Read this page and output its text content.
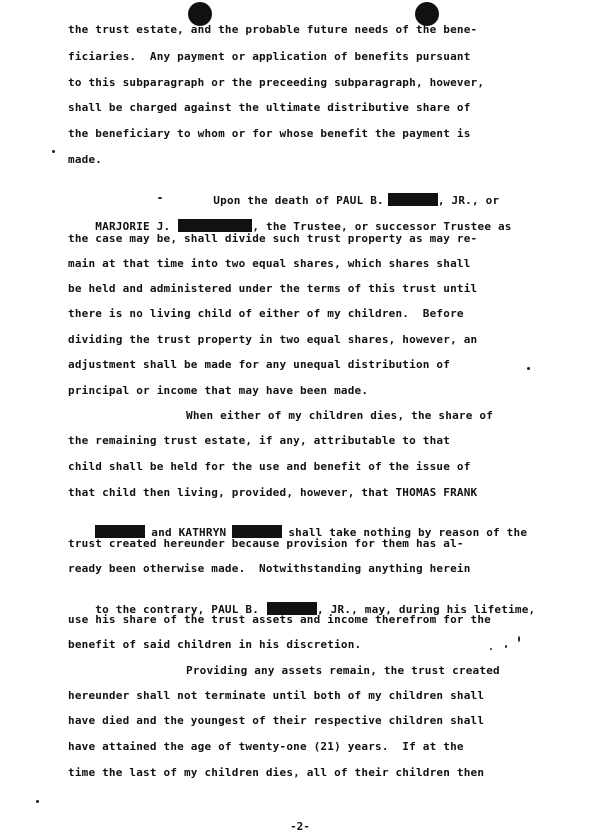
the trust estate, and the probable future needs of the bene-
ficiaries.  Any payment or application of benefits pursuant
to this subparagraph or the preceeding subparagraph, however,
shall be charged against the ultimate distributive share of
the beneficiary to whom or for whose benefit the payment is
made.

Upon the death of PAUL B.	, JR., or

MARJORIE J.	, the Trustee, or successor Trustee as

the case may be, shall divide such trust property as may re-
main at that time into two equal shares, which shares shall
be held and administered under the terms of this trust until
there is no living child of either of my children.  Before
dividing the trust property in two equal shares, however, an
adjustment shall be made for any unequal distribution of
principal or income that may have been made.
When either of my children dies, the share of
the remaining trust estate, if any, attributable to that
child shall be held for the use and benefit of the issue of
that child then living, provided, however, that THOMAS FRANK

and KATHRYN	shall take nothing by reason of the

trust created hereunder because provision for them has al-
ready been otherwise made.  Notwithstanding anything herein

to the contrary, PAUL B.	, JR., may, during his lifetime,

use his share of the trust assets and income therefrom for the
benefit of said children in his discretion.
Providing any assets remain, the trust created
hereunder shall not terminate until both of my children shall
have died and the youngest of their respective children shall
have attained the age of twenty-one (21) years.  If at the
time the last of my children dies, all of their children then
-2-
